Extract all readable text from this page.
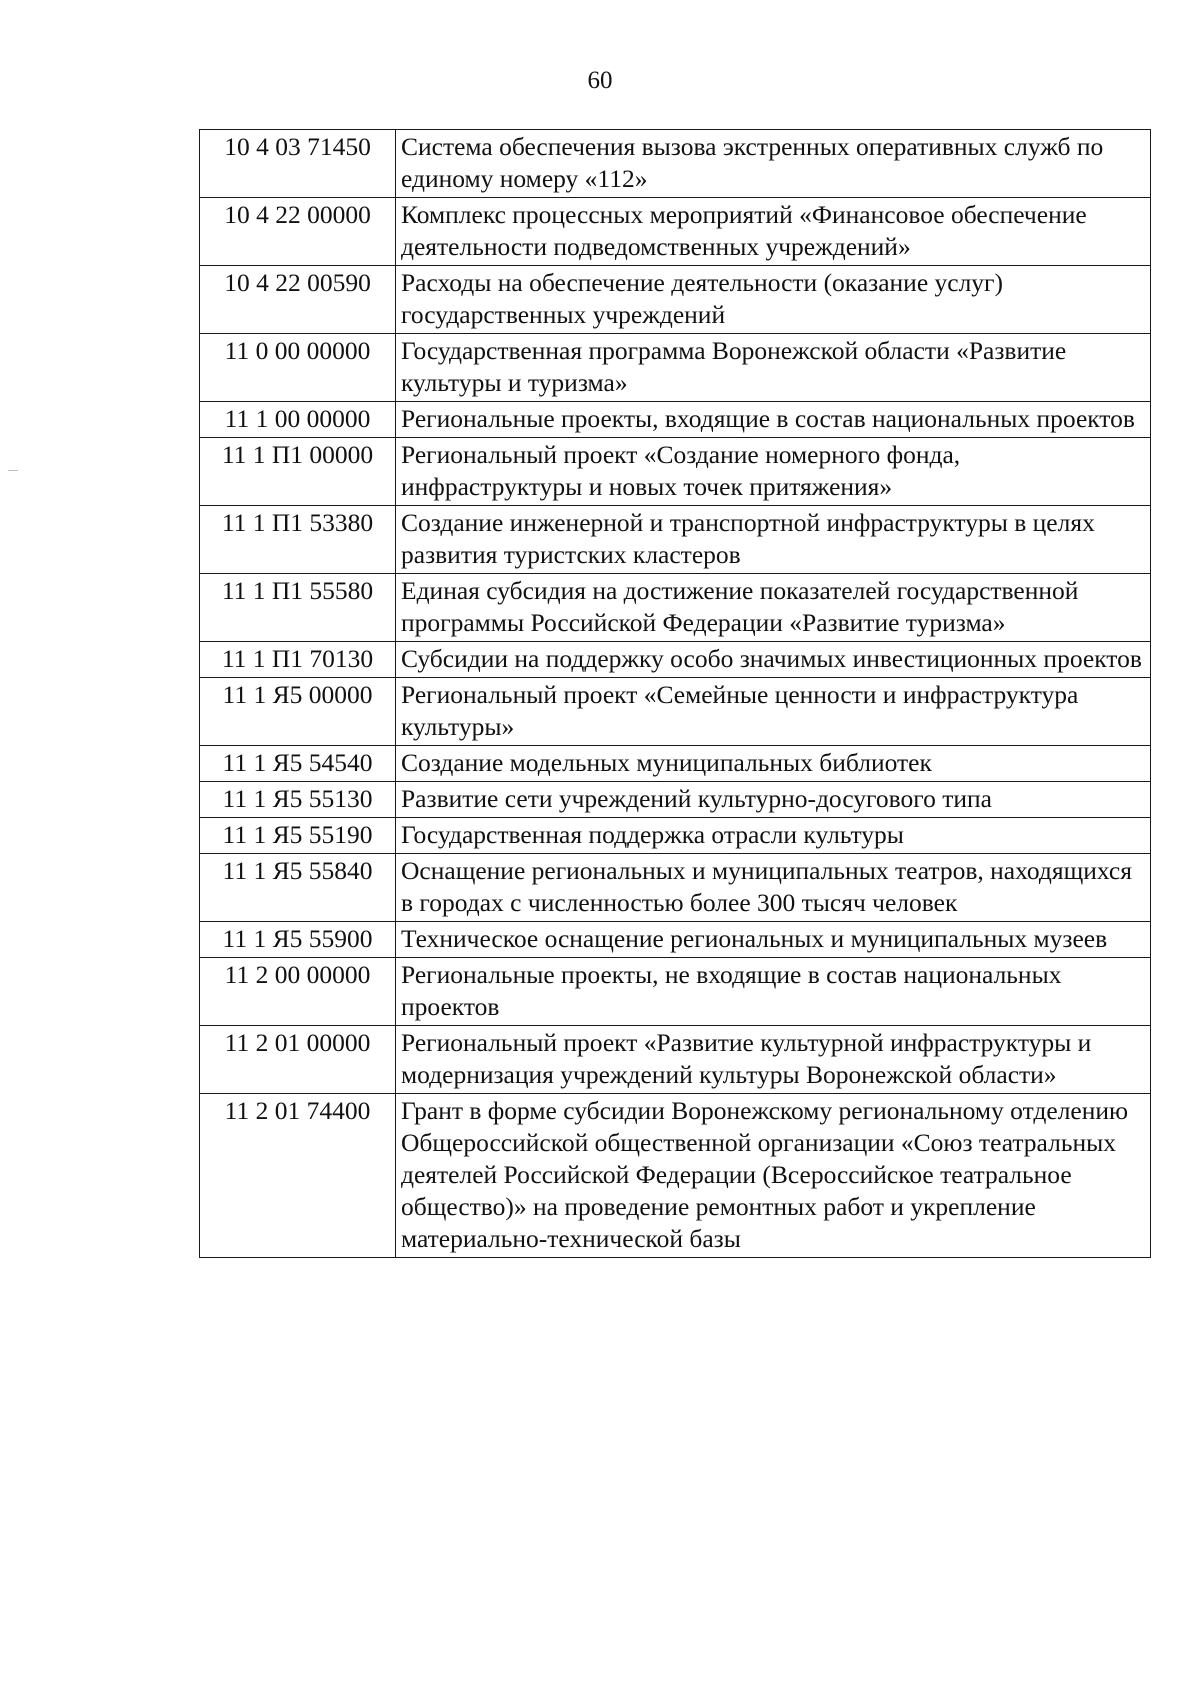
60
10 4 03 71450	Система обеспечения вызова экстренных оперативных служб по единому номеру «112»
10 4 22 00000	Комплекс процессных мероприятий «Финансовое обеспечение деятельности подведомственных учреждений»
10 4 22 00590	Расходы на обеспечение деятельности (оказание услуг) государственных учреждений
11 0 00 00000	Государственная программа Воронежской области «Развитие культуры и туризма»
11 1 00 00000	Региональные проекты, входящие в состав национальных проектов
11 1 П1 00000	Региональный проект «Создание номерного фонда, инфраструктуры и новых точек притяжения»
11 1 П1 53380	Создание инженерной и транспортной инфраструктуры в целях развития туристских кластеров
11 1 П1 55580	Единая субсидия на достижение показателей государственной программы Российской Федерации «Развитие туризма»
11 1 П1 70130	Субсидии на поддержку особо значимых инвестиционных проектов
11 1 Я5 00000	Региональный проект «Семейные ценности и инфраструктура культуры»
11 1 Я5 54540	Создание модельных муниципальных библиотек
11 1 Я5 55130	Развитие сети учреждений культурно-досугового типа
11 1 Я5 55190	Государственная поддержка отрасли культуры
11 1 Я5 55840	Оснащение региональных и муниципальных театров, находящихся в городах с численностью более 300 тысяч человек
11 1 Я5 55900	Техническое оснащение региональных и муниципальных музеев
11 2 00 00000	Региональные проекты, не входящие в состав национальных проектов
11 2 01 00000	Региональный проект «Развитие культурной инфраструктуры и модернизация учреждений культуры Воронежской области»
11 2 01 74400	Грант в форме субсидии Воронежскому региональному отделению Общероссийской общественной организации «Союз театральных деятелей Российской Федерации (Всероссийское театральное общество)» на проведение ремонтных работ и укрепление материально-технической базы
